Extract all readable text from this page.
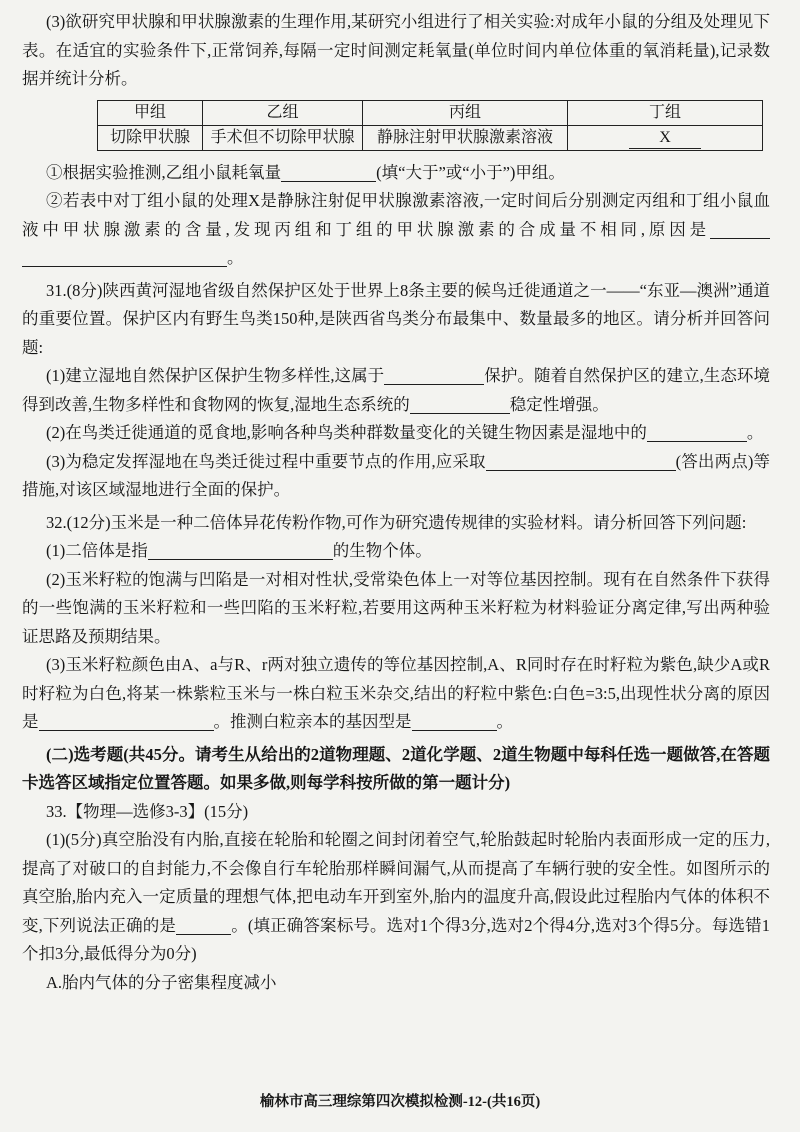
(3)欲研究甲状腺和甲状腺激素的生理作用,某研究小组进行了相关实验:对成年小鼠的分组及处理见下表。在适宜的实验条件下,正常饲养,每隔一定时间测定耗氧量(单位时间内单位体重的氧消耗量),记录数据并统计分析。

甲组	乙组	丙组	丁组
切除甲状腺	手术但不切除甲状腺	静脉注射甲状腺激素溶液	X

①根据实验推测,乙组小鼠耗氧量	(填“大于”或“小于”)甲组。

②若表中对丁组小鼠的处理X是静脉注射促甲状腺激素溶液,一定时间后分别测定丙组和丁组小鼠血液中甲状腺激素的含量,发现丙组和丁组的甲状腺激素的合成量不相同,原因是。

31.(8分)陕西黄河湿地省级自然保护区处于世界上8条主要的候鸟迁徙通道之一——“东亚—澳洲”通道的重要位置。保护区内有野生鸟类150种,是陕西省鸟类分布最集中、数量最多的地区。请分析并回答问题:

(1)建立湿地自然保护区保护生物多样性,这属于	保护。随着自然保护区的建立,生态环境得到改善,生物多样性和食物网的恢复,湿地生态系统的	稳定性增强。

(2)在鸟类迁徙通道的觅食地,影响各种鸟类种群数量变化的关键生物因素是湿地中的	。

(3)为稳定发挥湿地在鸟类迁徙过程中重要节点的作用,应采取	(答出两点)等措施,对该区域湿地进行全面的保护。

32.(12分)玉米是一种二倍体异花传粉作物,可作为研究遗传规律的实验材料。请分析回答下列问题:

(1)二倍体是指	的生物个体。

(2)玉米籽粒的饱满与凹陷是一对相对性状,受常染色体上一对等位基因控制。现有在自然条件下获得的一些饱满的玉米籽粒和一些凹陷的玉米籽粒,若要用这两种玉米籽粒为材料验证分离定律,写出两种验证思路及预期结果。

(3)玉米籽粒颜色由A、a与R、r两对独立遗传的等位基因控制,A、R同时存在时籽粒为紫色,缺少A或R时籽粒为白色,将某一株紫粒玉米与一株白粒玉米杂交,结出的籽粒中紫色:白色=3:5,出现性状分离的原因是	。推测白粒亲本的基因型是	。

(二)选考题(共45分。请考生从给出的2道物理题、2道化学题、2道生物题中每科任选一题做答,在答题卡选答区域指定位置答题。如果多做,则每学科按所做的第一题计分)

33.【物理—选修3-3】(15分)

(1)(5分)真空胎没有内胎,直接在轮胎和轮圈之间封闭着空气,轮胎鼓起时轮胎内表面形成一定的压力,提高了对破口的自封能力,不会像自行车轮胎那样瞬间漏气,从而提高了车辆行驶的安全性。如图所示的真空胎,胎内充入一定质量的理想气体,把电动车开到室外,胎内的温度升高,假设此过程胎内气体的体积不变,下列说法正确的是	。(填正确答案标号。选对1个得3分,选对2个得4分,选对3个得5分。每选错1个扣3分,最低得分为0分)

A.胎内气体的分子密集程度减小

榆林市高三理综第四次模拟检测-12-(共16页)
